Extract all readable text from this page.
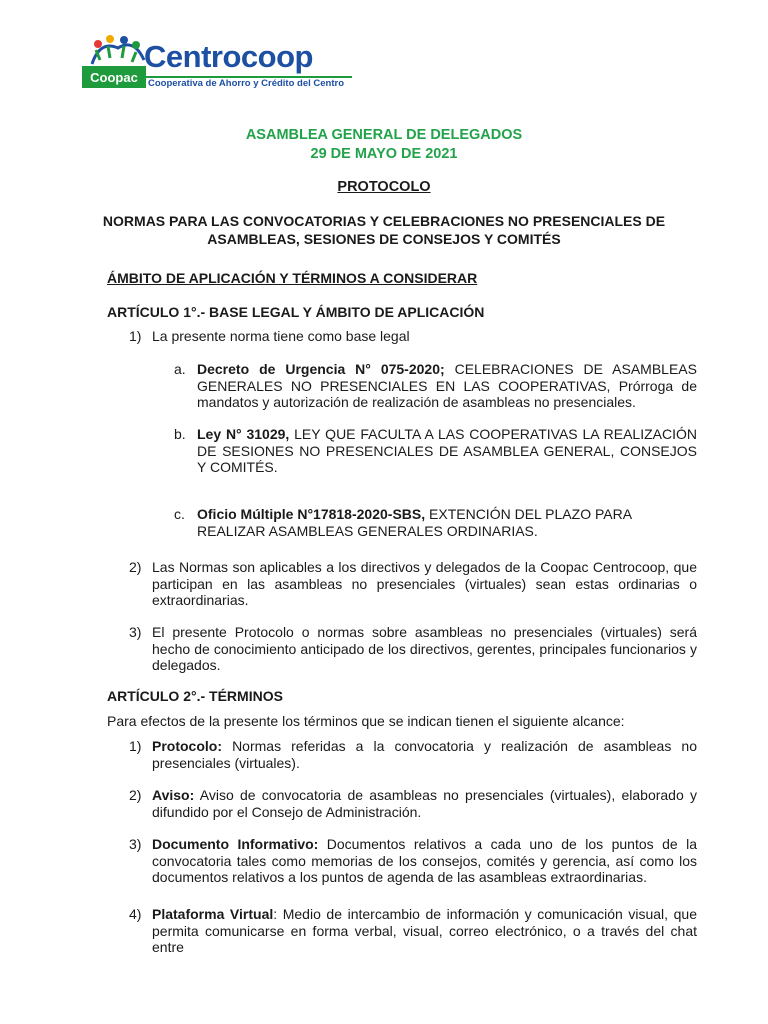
Coopac
Centrocoop
Cooperativa de Ahorro y Crédito del Centro
ASAMBLEA GENERAL DE DELEGADOS
29 DE MAYO DE 2021
PROTOCOLO
NORMAS PARA LAS CONVOCATORIAS Y CELEBRACIONES NO PRESENCIALES DE
ASAMBLEAS, SESIONES DE CONSEJOS Y COMITÉS
ÁMBITO DE APLICACIÓN Y TÉRMINOS A CONSIDERAR
ARTÍCULO 1°.- BASE LEGAL Y ÁMBITO DE APLICACIÓN
1) La presente norma tiene como base legal
a. Decreto de Urgencia N° 075-2020; CELEBRACIONES DE ASAMBLEAS GENERALES NO PRESENCIALES EN LAS COOPERATIVAS, Prórroga de mandatos y autorización de realización de asambleas no presenciales.
b. Ley N° 31029, LEY QUE FACULTA A LAS COOPERATIVAS LA REALIZACIÓN DE SESIONES NO PRESENCIALES DE ASAMBLEA GENERAL, CONSEJOS Y COMITÉS.
c. Oficio Múltiple N°17818-2020-SBS, EXTENCIÓN DEL PLAZO PARA REALIZAR ASAMBLEAS GENERALES ORDINARIAS.
2) Las Normas son aplicables a los directivos y delegados de la Coopac Centrocoop, que participan en las asambleas no presenciales (virtuales) sean estas ordinarias o extraordinarias.
3) El presente Protocolo o normas sobre asambleas no presenciales (virtuales) será hecho de conocimiento anticipado de los directivos, gerentes, principales funcionarios y delegados.
ARTÍCULO 2°.- TÉRMINOS
Para efectos de la presente los términos que se indican tienen el siguiente alcance:
1) Protocolo: Normas referidas a la convocatoria y realización de asambleas no presenciales (virtuales).
2) Aviso: Aviso de convocatoria de asambleas no presenciales (virtuales), elaborado y difundido por el Consejo de Administración.
3) Documento Informativo: Documentos relativos a cada uno de los puntos de la convocatoria tales como memorias de los consejos, comités y gerencia, así como los documentos relativos a los puntos de agenda de las asambleas extraordinarias.
4) Plataforma Virtual: Medio de intercambio de información y comunicación visual, que permita comunicarse en forma verbal, visual, correo electrónico, o a través del chat entre
